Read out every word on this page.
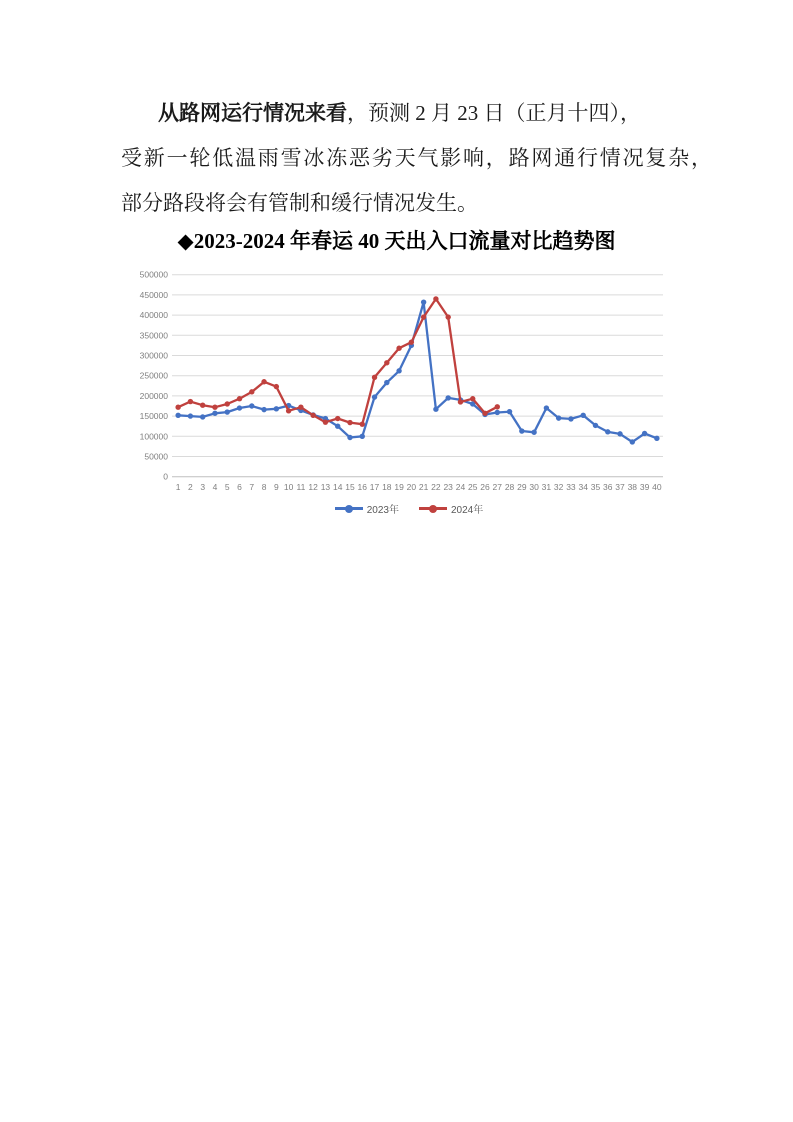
从路网运行情况来看，预测 2 月 23 日（正月十四），
受新一轮低温雨雪冰冻恶劣天气影响，路网通行情况复杂，
部分路段将会有管制和缓行情况发生。
◆2023-2024 年春运 40 天出入口流量对比趋势图
0
50000
100000
150000
200000
250000
300000
350000
400000
450000
500000
1 2 3 4 5 6 7 8 9 10 11 12 13 14 15 16 17 18 19 20 21 22 23 24 25 26 27 28 29 30 31 32 33 34 35 36 37 38 39 40
2023年	2024年
